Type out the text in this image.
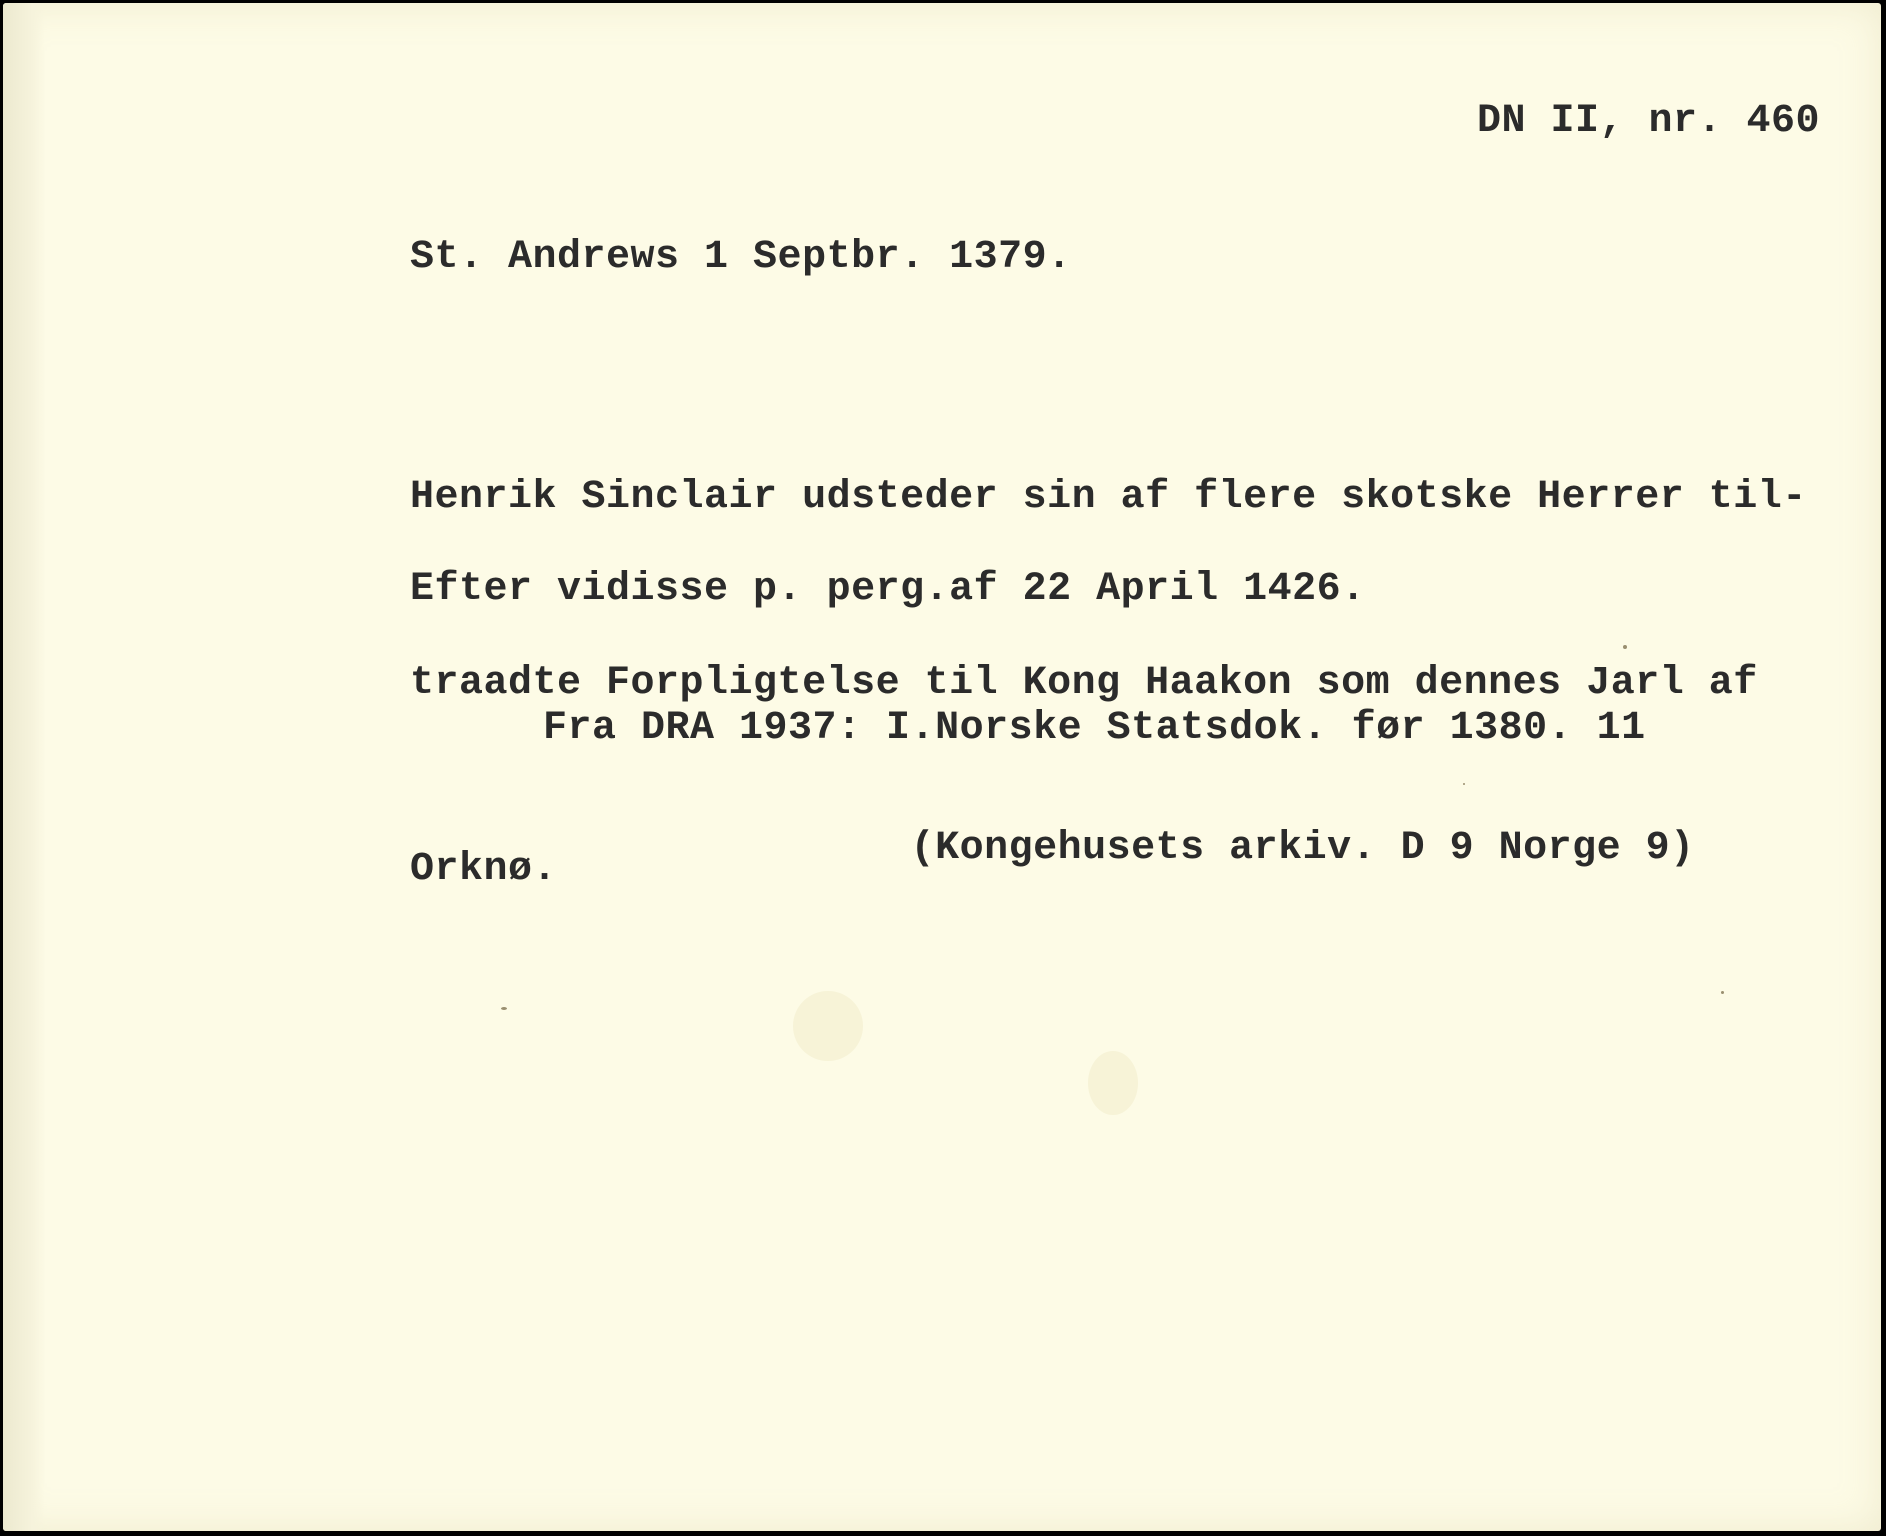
DN II, nr. 460
St. Andrews 1 Septbr. 1379.

Henrik Sinclair udsteder sin af flere skotske Herrer til-

traadte Forpligtelse til Kong Haakon som dennes Jarl af

Orknø.

Efter vidisse p. perg.af 22 April 1426.

Fra DRA 1937: I.Norske Statsdok. før 1380. 11

(Kongehusets arkiv. D 9 Norge 9)
